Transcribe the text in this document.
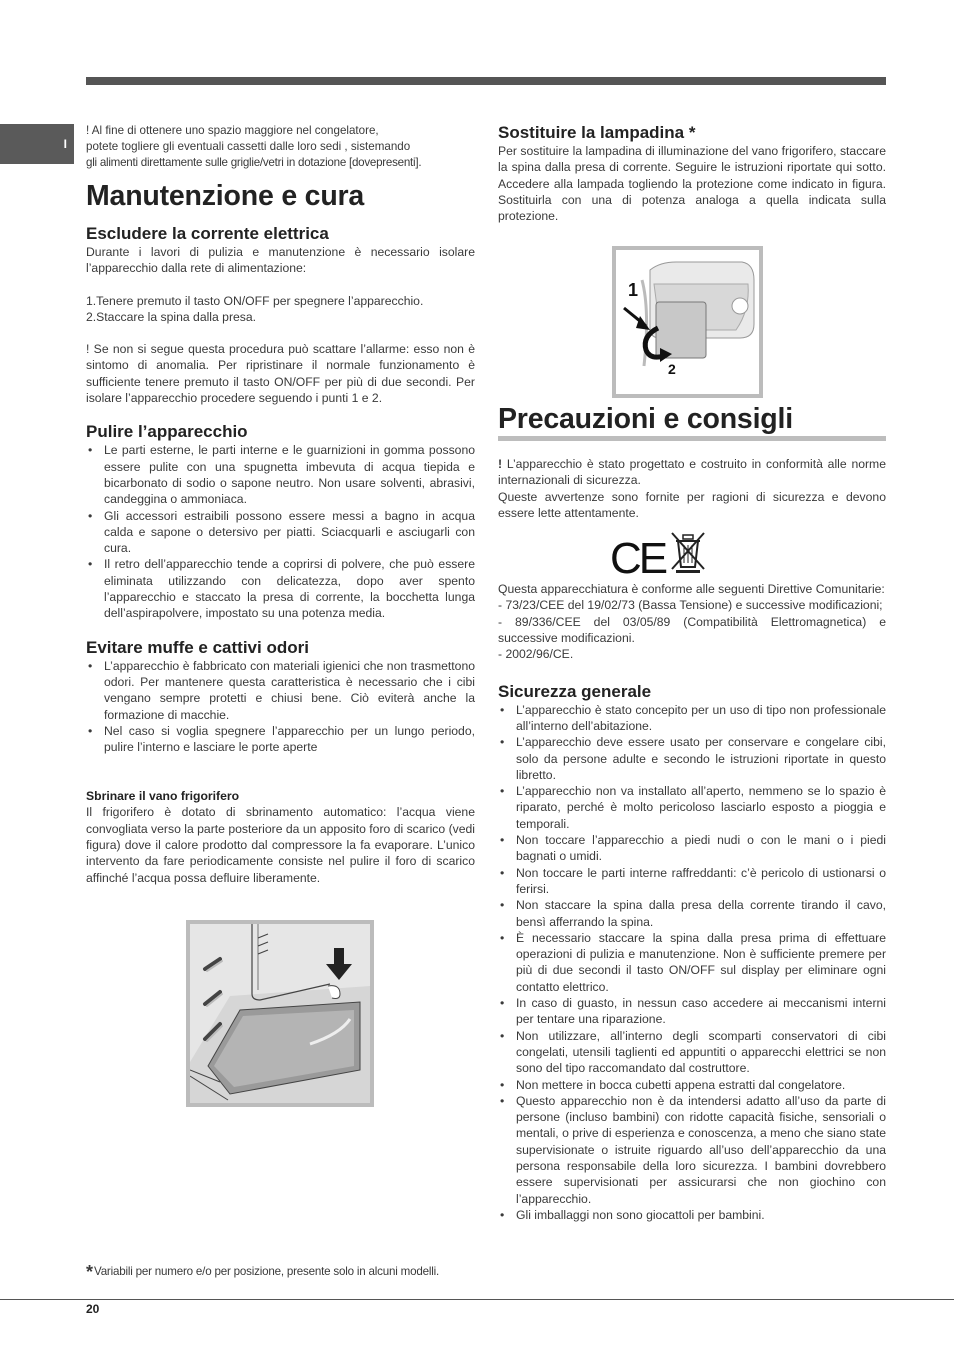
I

! Al fine di ottenere uno spazio maggiore nel congelatore,

potete togliere gli eventuali cassetti dalle loro sedi , sistemando

gli alimenti direttamente sulle griglie/vetri in dotazione [dovepresenti].

Manutenzione e cura
Escludere la corrente elettrica

Durante i lavori di pulizia e manutenzione è necessario isolare l’apparecchio dalla rete di alimentazione:

1.Tenere premuto il tasto ON/OFF per spegnere l’apparecchio.

2.Staccare la spina dalla presa.

! Se non si segue questa procedura può scattare l’allarme: esso non è sintomo di anomalia. Per ripristinare il normale funzionamento è sufficiente tenere premuto il tasto ON/OFF per più di due secondi. Per isolare l’apparecchio procedere seguendo i punti 1 e 2.

Pulire l’apparecchio
• Le parti esterne, le parti interne e le guarnizioni in gomma possono essere pulite con una spugnetta imbevuta di acqua tiepida e bicarbonato di sodio o sapone neutro. Non usare solventi, abrasivi, candeggina o ammoniaca.
• Gli accessori estraibili possono essere messi a bagno in acqua calda e sapone o detersivo per piatti. Sciacquarli e asciugarli con cura.
• Il retro dell’apparecchio tende a coprirsi di polvere, che può essere eliminata utilizzando con delicatezza, dopo aver spento l’apparecchio e staccato la presa di corrente, la bocchetta lunga dell’aspirapolvere, impostato su una potenza media.
Evitare muffe e cattivi odori
• L’apparecchio è fabbricato con materiali igienici che non trasmettono odori. Per mantenere questa caratteristica è necessario che i cibi vengano sempre protetti e chiusi bene. Ciò eviterà anche la formazione di macchie.
• Nel caso si voglia spegnere l’apparecchio per un lungo periodo, pulire l’interno e lasciare le porte aperte
Sbrinare il vano frigorifero

Il frigorifero è dotato di sbrinamento automatico: l’acqua viene convogliata verso la parte posteriore da un apposito foro di scarico (vedi figura) dove il calore prodotto dal compressore la fa evaporare. L’unico intervento da fare periodicamente consiste nel pulire il foro di scarico affinché l’acqua possa defluire liberamente.

Sostituire la lampadina *

Per sostituire la lampadina di illuminazione del vano frigorifero, staccare la spina dalla presa di corrente. Seguire le istruzioni riportate qui sotto. Accedere alla lampada togliendo la protezione come indicato in figura. Sostituirla con una di potenza analoga a quella indicata sulla protezione.

1
2
Precauzioni e consigli

! L’apparecchio è stato progettato e costruito in conformità alle norme internazionali di sicurezza.

Queste avvertenze sono fornite per ragioni di sicurezza e devono essere lette attentamente.

CE

Questa apparecchiatura è conforme alle seguenti Direttive Comunitarie:

- 73/23/CEE del 19/02/73 (Bassa Tensione) e successive modificazioni;

- 89/336/CEE del 03/05/89 (Compatibilità Elettromagnetica) e successive modificazioni.

- 2002/96/CE.

Sicurezza generale
• L’apparecchio è stato concepito per un uso di tipo non professionale all’interno dell’abitazione.
• L’apparecchio deve essere usato per conservare e congelare cibi, solo da persone adulte e secondo le istruzioni riportate in questo libretto.
• L’apparecchio non va installato all’aperto, nemmeno se lo spazio è riparato, perché è molto pericoloso lasciarlo esposto a pioggia e temporali.
• Non toccare l’apparecchio a piedi nudi o con le mani o i piedi bagnati o umidi.
• Non toccare le parti interne raffreddanti: c’è pericolo di ustionarsi o ferirsi.
• Non staccare la spina dalla presa della corrente tirando il cavo, bensì afferrando la spina.
• È necessario staccare la spina dalla presa prima di effettuare operazioni di pulizia e manutenzione. Non è sufficiente premere per più di due secondi il tasto ON/OFF sul display per eliminare ogni contatto elettrico.
• In caso di guasto, in nessun caso accedere ai meccanismi interni per tentare una riparazione.
• Non utilizzare, all’interno degli scomparti conservatori di cibi congelati, utensili taglienti ed appuntiti o apparecchi elettrici se non sono del tipo raccomandato dal costruttore.
• Non mettere in bocca cubetti appena estratti dal congelatore.
• Questo apparecchio non è da intendersi adatto all’uso da parte di persone (incluso bambini) con ridotte capacità fisiche, sensoriali o mentali, o prive di esperienza e conoscenza, a meno che siano state supervisionate o istruite riguardo all’uso dell’apparecchio da una persona responsabile della loro sicurezza. I bambini dovrebbero essere supervisionati per assicurarsi che non giochino con l’apparecchio.
• Gli imballaggi non sono giocattoli per bambini.
*Variabili per numero e/o per posizione, presente solo in alcuni modelli.
20
